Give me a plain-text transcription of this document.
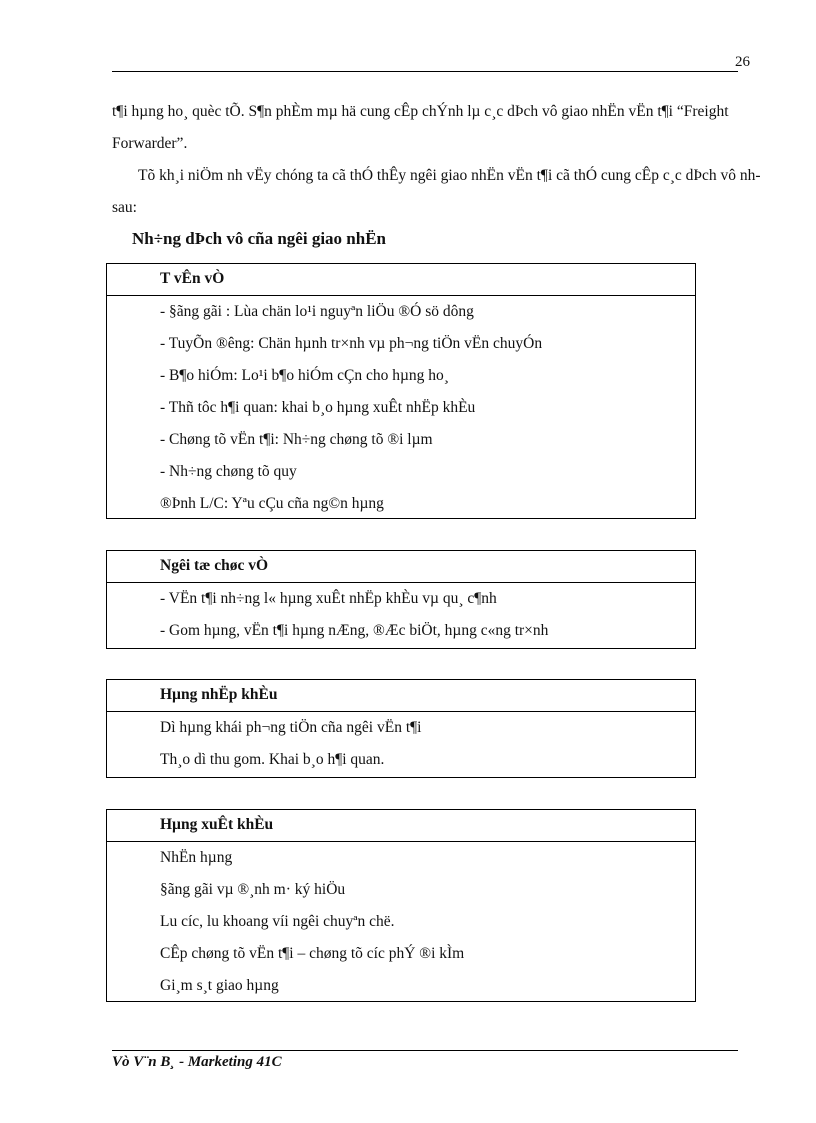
26

t¶i hµng ho¸ quèc tÕ. S¶n phÈm mµ hä cung cÊp chÝnh lµ c¸c dÞch vô giao nhËn vËn t¶i “Freight Forwarder”.

Tõ kh¸i niÖm nh vËy chóng ta cã thÓ thÊy ngêi giao nhËn vËn t¶i cã thÓ cung cÊp c¸c dÞch vô nh sau:

Nh÷ng dÞch vô cña ngêi giao nhËn
T vÊn vÒ
- §ãng gãi : Lùa chän lo¹i nguyªn liÖu ®Ó sö dông
- TuyÕn ®êng: Chän hµnh tr×nh vµ ph¬ng tiÖn vËn chuyÓn
- B¶o hiÓm: Lo¹i b¶o hiÓm cÇn cho hµng ho¸
- Thñ tôc h¶i quan: khai b¸o hµng xuÊt nhËp khÈu
- Chøng tõ vËn t¶i: Nh÷ng chøng tõ ®i lµm
- Nh÷ng chøng tõ quy
®Þnh L/C: Yªu cÇu cña ng©n hµng
Ngêi tæ chøc vÒ
- VËn t¶i nh÷ng l« hµng xuÊt nhËp khÈu vµ qu¸ c¶nh
- Gom hµng, vËn t¶i hµng nÆng, ®Æc biÖt, hµng c«ng tr×nh
Hµng nhËp khÈu
Dì hµng khái ph¬ng tiÖn cña ngêi vËn t¶i
Th¸o dì thu gom. Khai b¸o h¶i quan.
Hµng xuÊt khÈu
NhËn hµng
§ãng gãi vµ ®¸nh m· ký hiÖu
Lu cíc, lu khoang víi ngêi chuyªn chë.
CÊp chøng tõ vËn t¶i – chøng tõ cíc phÝ ®i kÌm
Gi¸m s¸t giao hµng
Vò V¨n B¸ - Marketing 41C
